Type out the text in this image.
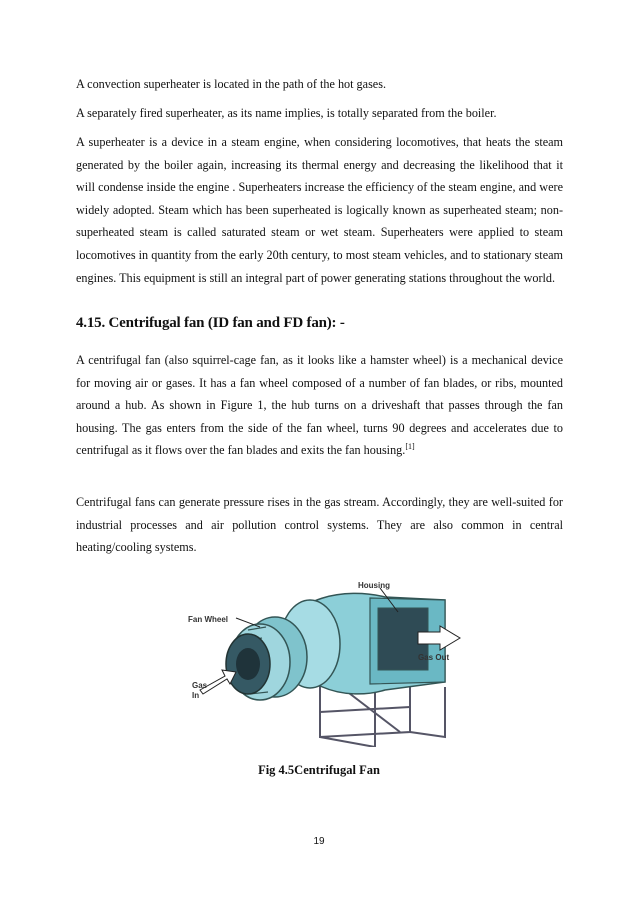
A convection superheater is located in the path of the hot gases.

A separately fired superheater, as its name implies, is totally separated from the boiler.

A superheater is a device in a steam engine, when considering locomotives, that heats the steam generated by the boiler again, increasing its thermal energy and decreasing the likelihood that it will condense inside the engine . Superheaters increase the efficiency of the steam engine, and were widely adopted. Steam which has been superheated is logically known as superheated steam; non-superheated steam is called saturated steam or wet steam. Superheaters were applied to steam locomotives in quantity from the early 20th century, to most steam vehicles, and to stationary steam engines. This equipment is still an integral part of power generating stations throughout the world.

4.15. Centrifugal fan (ID fan and FD fan): -

A centrifugal fan (also squirrel-cage fan, as it looks like a hamster wheel) is a mechanical device for moving air or gases. It has a fan wheel composed of a number of fan blades, or ribs, mounted around a hub. As shown in Figure 1, the hub turns on a driveshaft that passes through the fan housing. The gas enters from the side of the fan wheel, turns 90 degrees and accelerates due to centrifugal as it flows over the fan blades and exits the fan housing.[1]

Centrifugal fans can generate pressure rises in the gas stream. Accordingly, they are well-suited for industrial processes and air pollution control systems. They are also common in central heating/cooling systems.

Housing
Fan Wheel
Gas Out
Gas
In
Fig 4.5Centrifugal Fan
19
